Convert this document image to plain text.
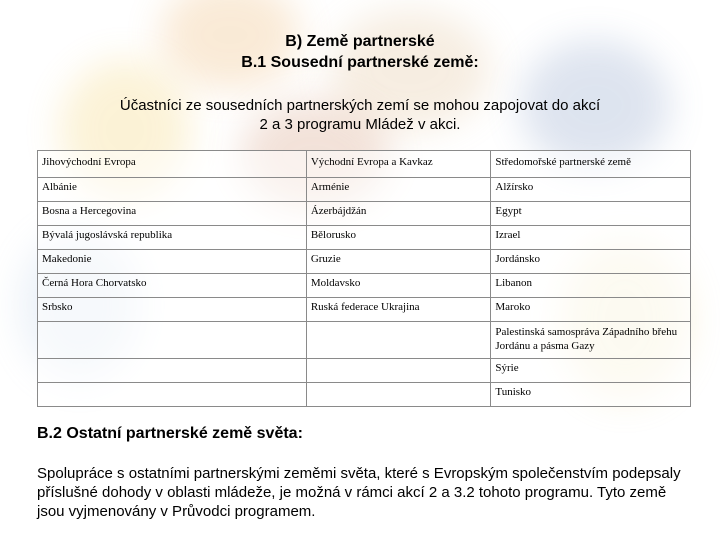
B) Země partnerské
B.1 Sousední partnerské země:
Účastníci ze sousedních partnerských zemí se mohou zapojovat do akcí
2 a 3 programu Mládež v akci.
Jihovýchodní Evropa	Východní Evropa a Kavkaz	Středomořské partnerské země
Albánie	Arménie	Alžírsko
Bosna a Hercegovina	Ázerbájdžán	Egypt
Bývalá jugoslávská republika	Bělorusko	Izrael
Makedonie	Gruzie	Jordánsko
Černá Hora Chorvatsko	Moldavsko	Libanon
Srbsko	Ruská federace Ukrajina	Maroko
		Palestinská samospráva Západního břehu Jordánu a pásma Gazy
		Sýrie
		Tunisko
B.2 Ostatní partnerské země světa:
Spolupráce s ostatními partnerskými zeměmi světa, které s Evropským společenstvím podepsaly příslušné dohody v oblasti mládeže, je možná v rámci akcí 2 a 3.2 tohoto programu. Tyto země jsou vyjmenovány v Průvodci programem.
